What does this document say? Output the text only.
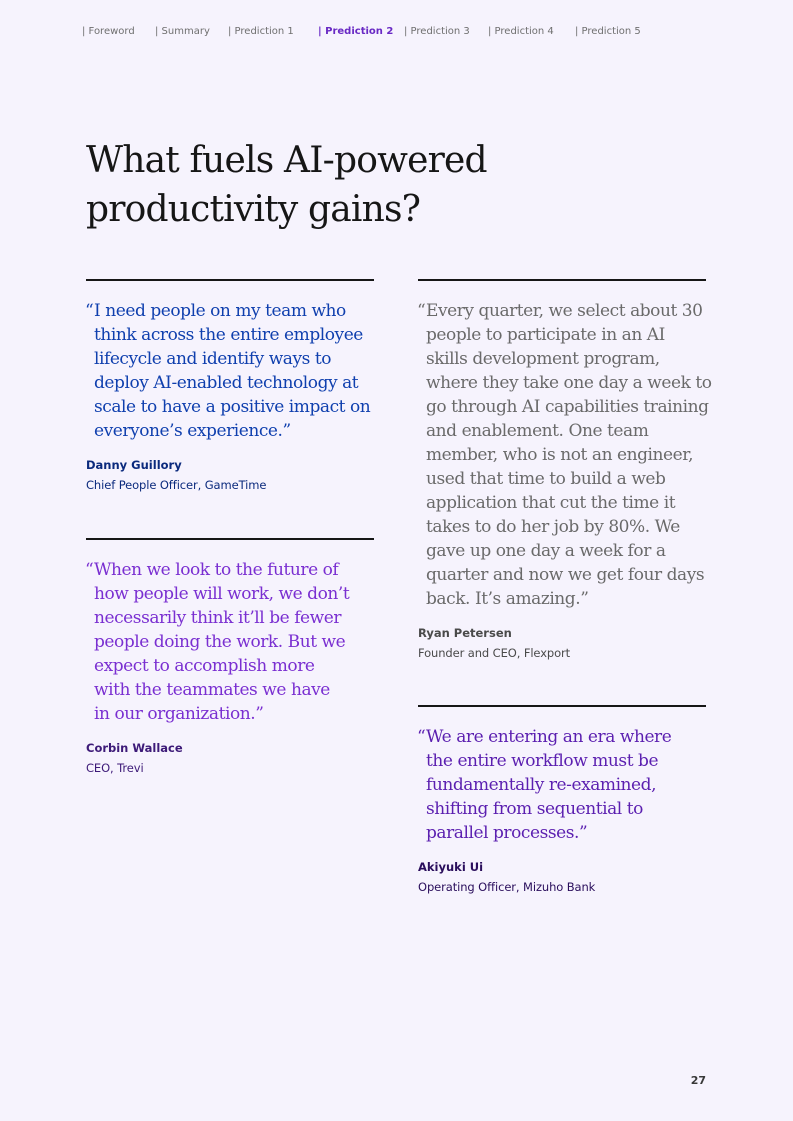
| Foreword | Summary | Prediction 1 | Prediction 2 | Prediction 3 | Prediction 4 | Prediction 5
What fuels AI-powered
productivity gains?

“ I need people on my team who
think across the entire employee
lifecycle and identify ways to
deploy AI-enabled technology at
scale to have a positive impact on
everyone’s experience.”

Danny Guillory

Chief People Officer, GameTime

“ When we look to the future of
how people will work, we don’t
necessarily think it’ll be fewer
people doing the work. But we
expect to accomplish more
with the teammates we have
in our organization.”

Corbin Wallace

CEO, Trevi

“ Every quarter, we select about 30
people to participate in an AI
skills development program,
where they take one day a week to
go through AI capabilities training
and enablement. One team
member, who is not an engineer,
used that time to build a web
application that cut the time it
takes to do her job by 80%. We
gave up one day a week for a
quarter and now we get four days
back. It’s amazing.”

Ryan Petersen

Founder and CEO, Flexport

“ We are entering an era where
the entire workflow must be
fundamentally re-examined,
shifting from sequential to
parallel processes.”

Akiyuki Ui

Operating Officer, Mizuho Bank

27
